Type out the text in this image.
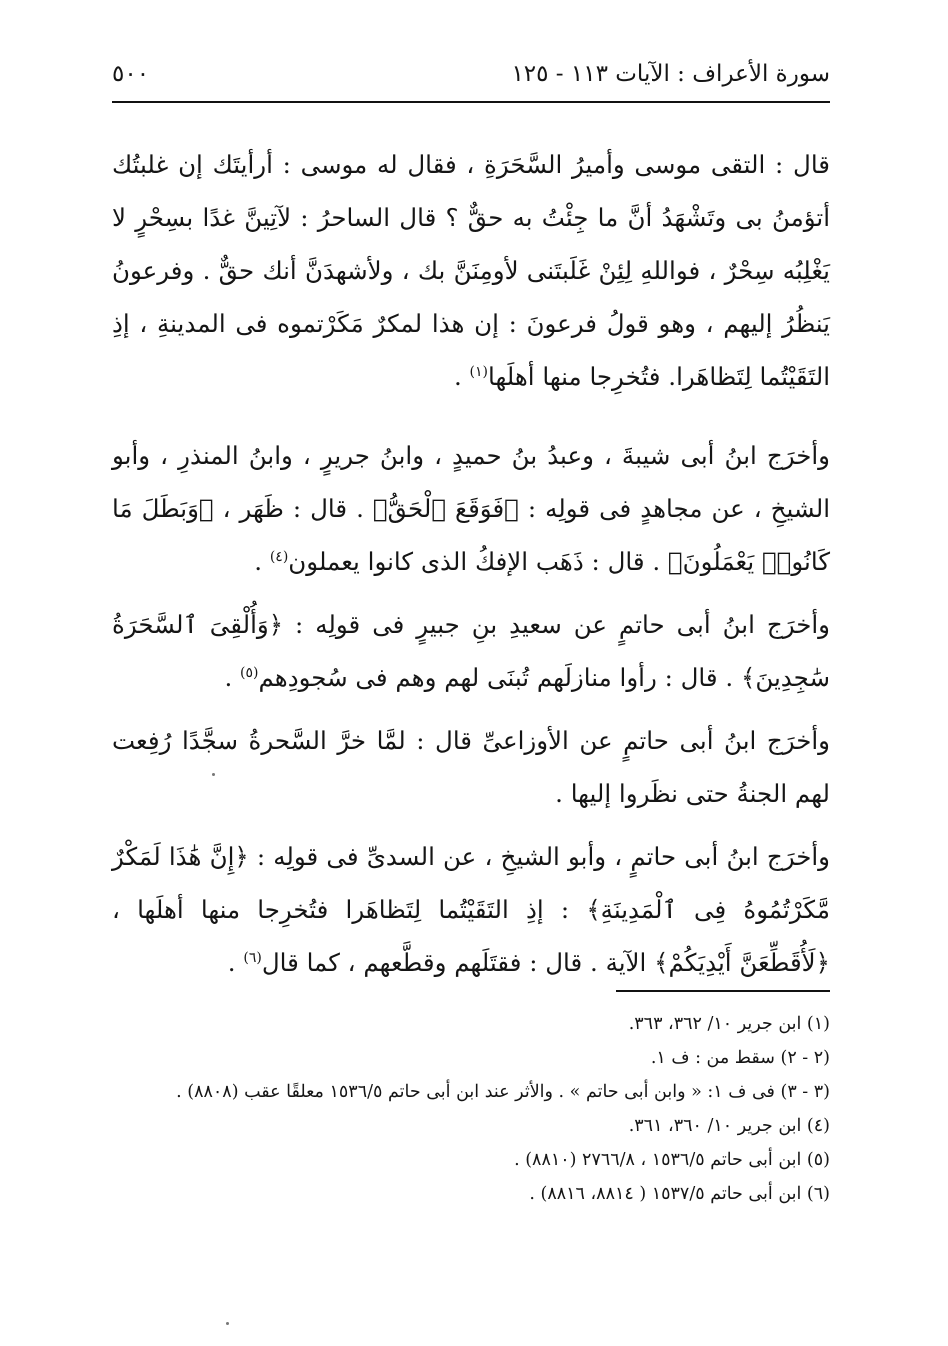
سورة الأعراف : الآيات ١١٣ - ١٢٥
٥٠٠

قال : التقى موسى وأميرُ السَّحَرَةِ ، فقال له موسى : أرأيتَك إن غلبتُك أتؤمنُ بى وتَشْهَدُ أنَّ ما جِئْتُ به حقٌّ ؟ قال الساحرُ : لآتِينَّ غدًا بسِحْرٍ لا يَغْلِبُه سِحْرٌ ، فواللهِ لِئِنْ غَلَبتَنى لأومِنَنَّ بك ، ولأشهدَنَّ أنك حقٌّ . وفرعونُ يَنظُرُ إليهم ، وهو قولُ فرعونَ : إن هذا لمكرٌ مَكَرْتموه فى المدينةِ ، إذِ التَقَيْتُما لِتَظاهَرا. فتُخرِجا منها أهلَها$^{(١)}$ .

وأخرَج ابنُ أبى شيبةَ ، وعبدُ بنُ حميدٍ ، وابنُ جريرٍ ، وابنُ المنذرِ ، وأبو الشيخِ ، عن مجاهدٍ فى قولِه : ﴿فَوَقَعَ ٱلْحَقُّ﴾ . قال : ظَهَر ، ﴿وَبَطَلَ مَا كَانُوا۟ يَعْمَلُونَ﴾ . قال : ذَهَب الإفكُ الذى كانوا يعملون$^{(٤)}$ .

وأخرَج ابنُ أبى حاتمٍ عن سعيدِ بنِ جبيرٍ فى قولِه : ﴿وَأُلْقِىَ ٱلسَّحَرَةُ سَٰجِدِينَ﴾ . قال : رأوا منازلَهم تُبنَى لهم وهم فى سُجودِهم$^{(٥)}$ .

وأخرَج ابنُ أبى حاتمٍ عن الأوزاعىِّ قال : لمَّا خرَّ السَّحرةُ سجَّدًا رُفِعت لهم الجنةُ حتى نظَروا إليها .

وأخرَج ابنُ أبى حاتمٍ ، وأبو الشيخِ ، عن السدىِّ فى قولِه : ﴿إِنَّ هَٰذَا لَمَكْرٌ مَّكَرْتُمُوهُ فِى ٱلْمَدِينَةِ﴾ : إذِ التَقَيْتُما لِتَظاهَرا فتُخرِجا منها أهلَها ، ﴿لَأُقَطِّعَنَّ أَيْدِيَكُمْ﴾ الآية . قال : فقتَلَهم وقطَّعهم ، كما قال$^{(٦)}$ .

(١) ابن جرير ١٠/ ٣٦٢، ٣٦٣.
(٢ - ٢) سقط من : ف ١.
(٣ - ٣) فى ف ١: « وابن أبى حاتم » . والأثر عند ابن أبى حاتم ١٥٣٦/٥ معلقًا عقب (٨٨٠٨) .
(٤) ابن جرير ١٠/ ٣٦٠، ٣٦١.
(٥) ابن أبى حاتم ١٥٣٦/٥ ، ٢٧٦٦/٨ (٨٨١٠) .
(٦) ابن أبى حاتم ١٥٣٧/٥ ( ٨٨١٤، ٨٨١٦) .
